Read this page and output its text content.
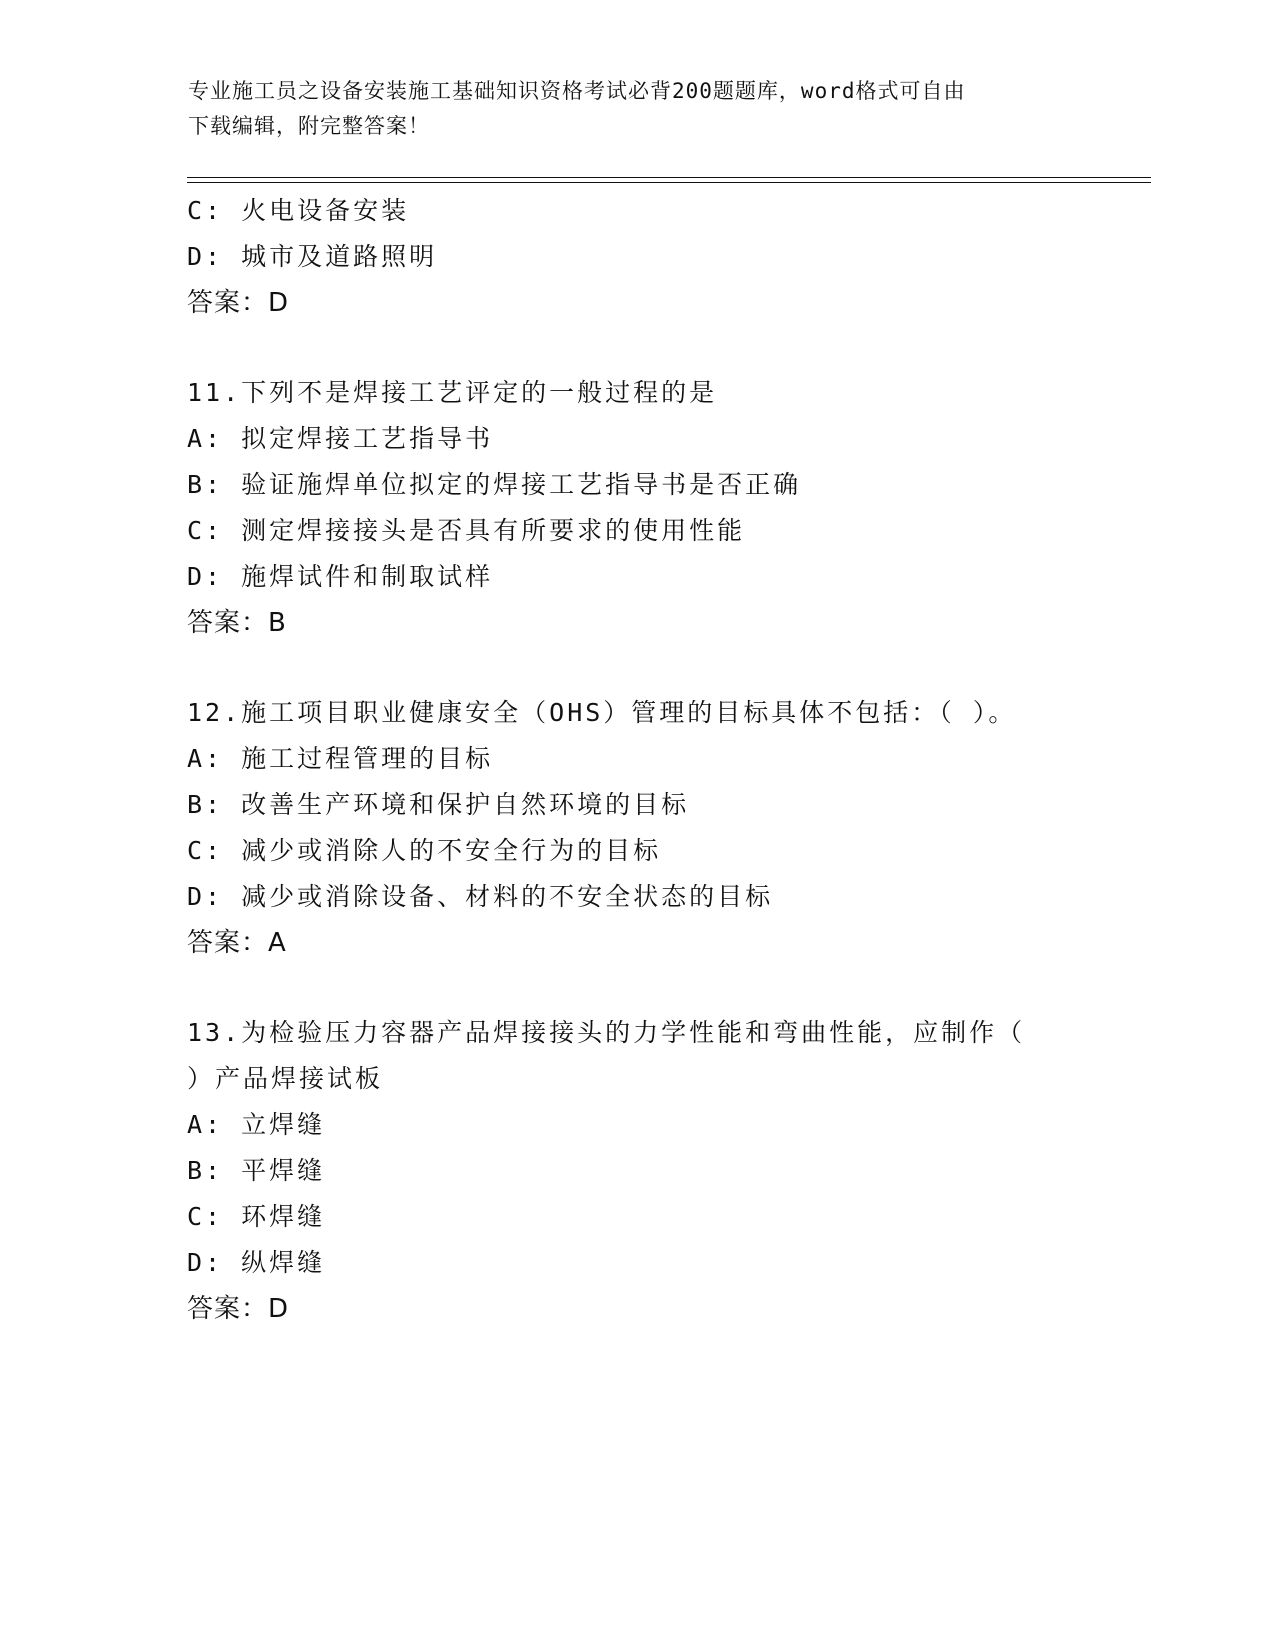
专业施工员之设备安装施工基础知识资格考试必背200题题库，word格式可自由
下载编辑，附完整答案！
C: 火电设备安装
D: 城市及道路照明
答案：D
11.下列不是焊接工艺评定的一般过程的是
A: 拟定焊接工艺指导书
B: 验证施焊单位拟定的焊接工艺指导书是否正确
C: 测定焊接接头是否具有所要求的使用性能
D: 施焊试件和制取试样
答案：B
12.施工项目职业健康安全（OHS）管理的目标具体不包括：（ ）。
A: 施工过程管理的目标
B: 改善生产环境和保护自然环境的目标
C: 减少或消除人的不安全行为的目标
D: 减少或消除设备、材料的不安全状态的目标
答案：A
13.为检验压力容器产品焊接接头的力学性能和弯曲性能，应制作（
）产品焊接试板
A: 立焊缝
B: 平焊缝
C: 环焊缝
D: 纵焊缝
答案：D
